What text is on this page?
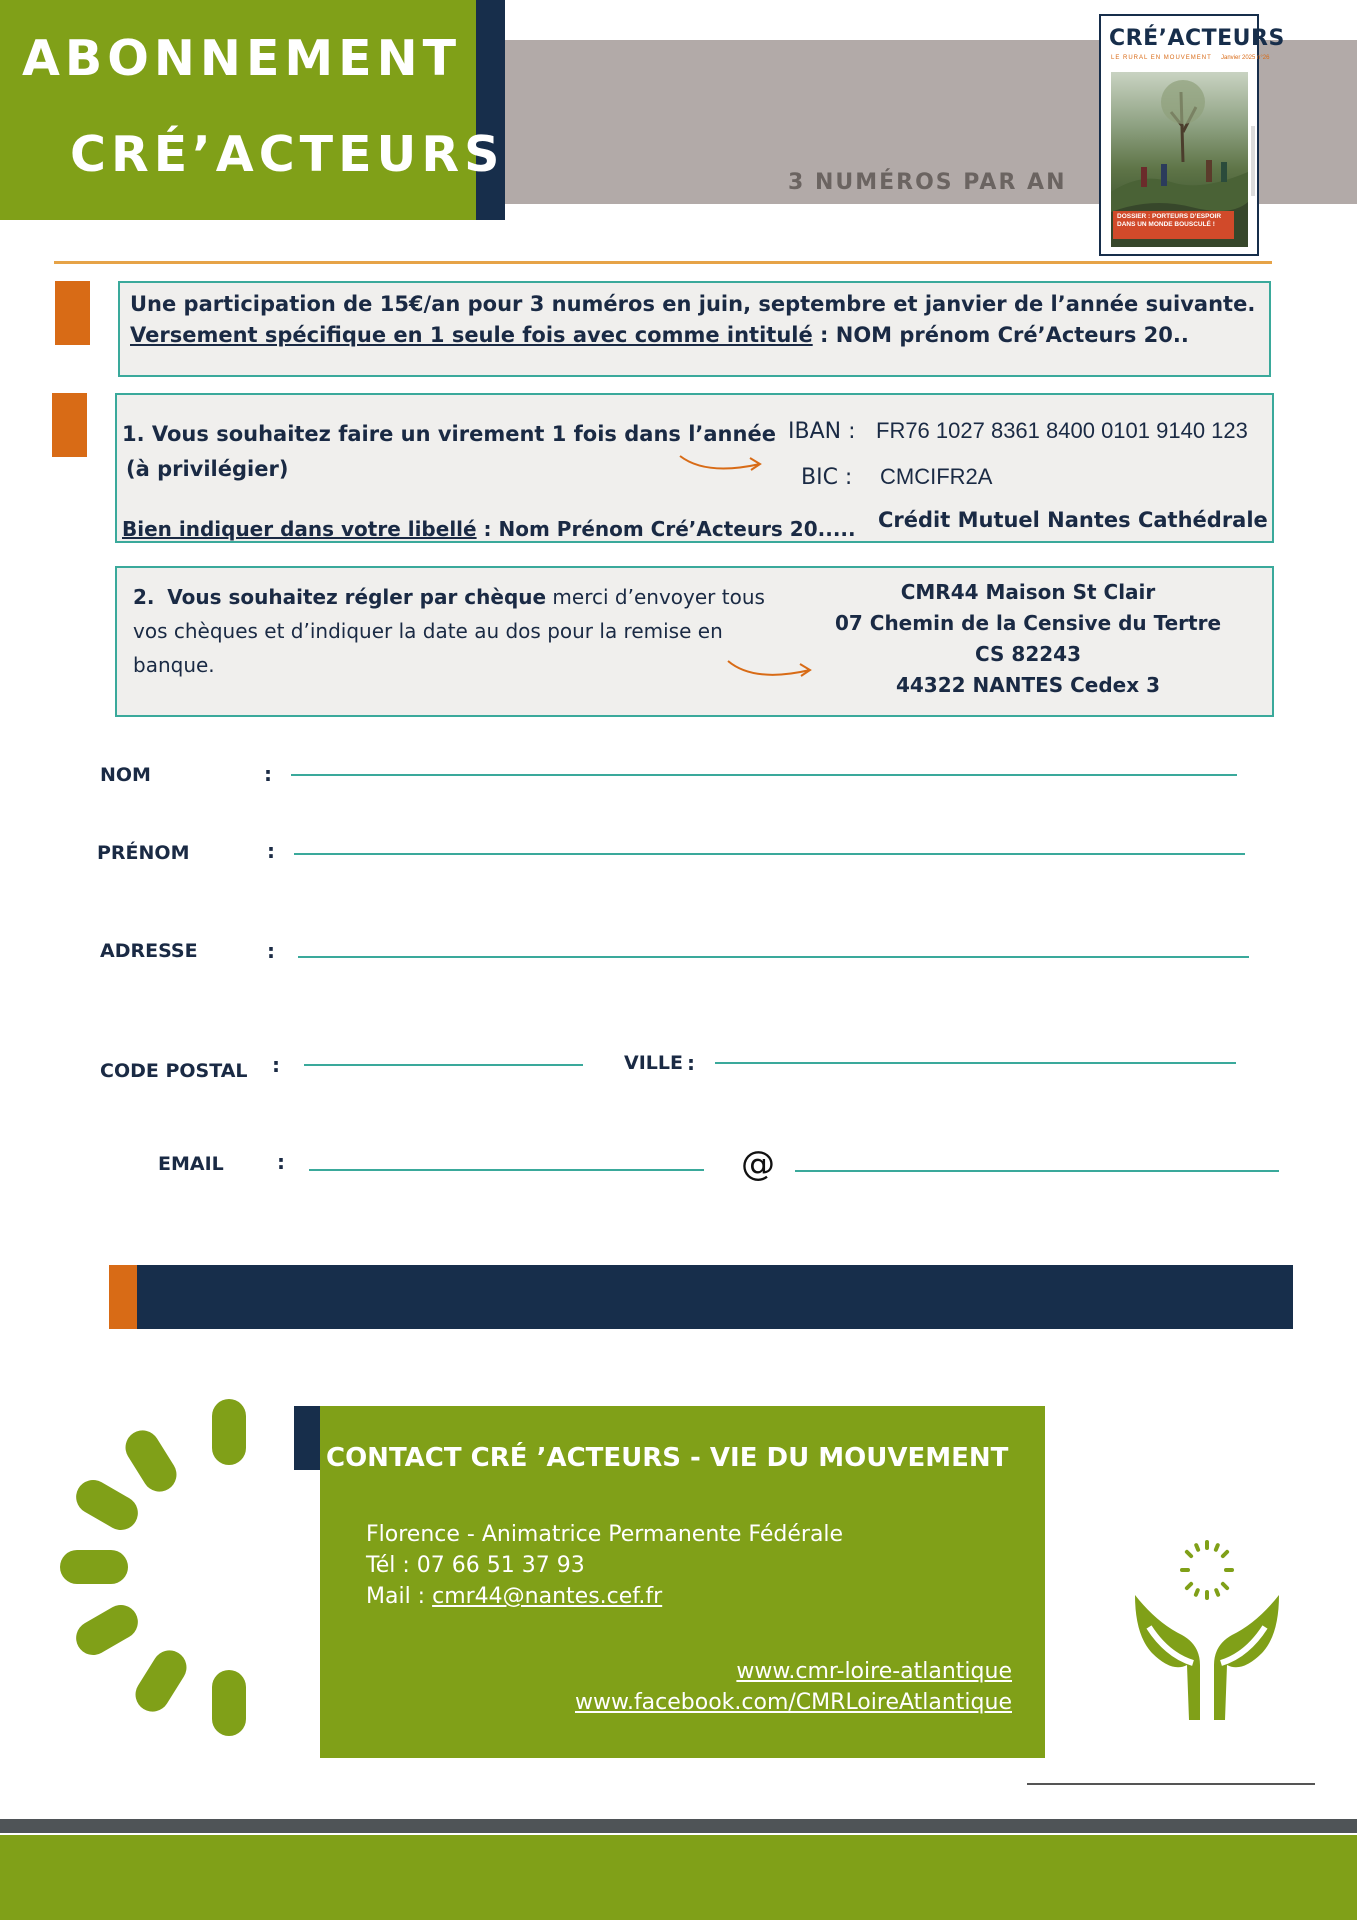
ABONNEMENT
CRÉ’ACTEURS	3 NUMÉROS PAR AN
CRÉ’ACTEURS
LE RURAL EN MOUVEMENT Janvier 2025 n°26
DOSSIER : PORTEURS D’ESPOIR DANS UN MONDE BOUSCULÉ !
Une participation de 15€/an pour 3 numéros en juin, septembre et janvier de l’année suivante.
Versement spécifique en 1 seule fois avec comme intitulé : NOM prénom Cré’Acteurs 20..
1. Vous souhaitez faire un virement 1 fois dans l’année
(à privilégier)
Bien indiquer dans votre libellé : Nom Prénom Cré’Acteurs 20.....
IBAN : FR76 1027 8361 8400 0101 9140 123
BIC : CMCIFR2A
Crédit Mutuel Nantes Cathédrale
2. Vous souhaitez régler par chèque merci d’envoyer tous
vos chèques et d’indiquer la date au dos pour la remise en
banque.
CMR44 Maison St Clair
07 Chemin de la Censive du Tertre
CS 82243
44322 NANTES Cedex 3
NOM	:
PRÉNOM	:
ADRESSE	:
CODE POSTAL :	VILLE :
EMAIL	:	@
CONTACT CRÉ ’ACTEURS - VIE DU MOUVEMENT
Florence - Animatrice Permanente Fédérale
Tél : 07 66 51 37 93
Mail : cmr44@nantes.cef.fr
www.cmr-loire-atlantique
www.facebook.com/CMRLoireAtlantique
